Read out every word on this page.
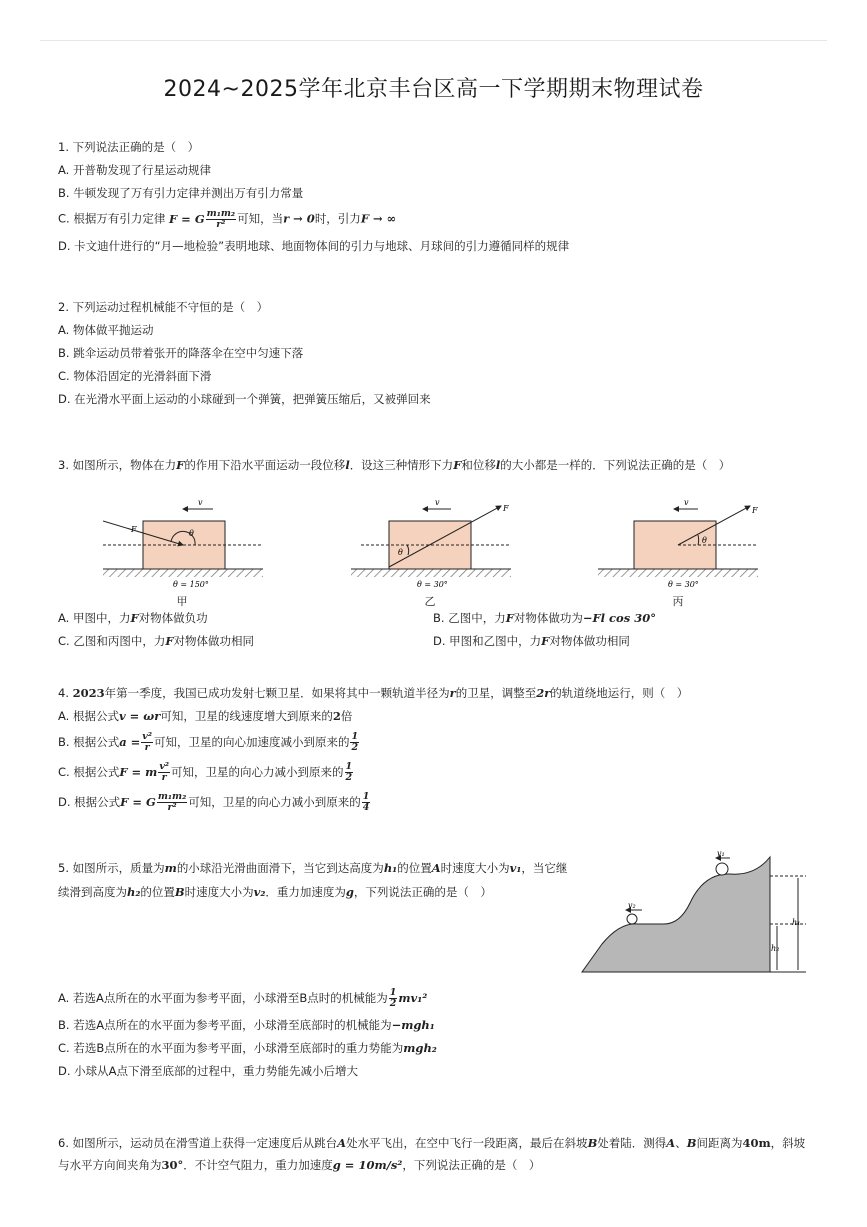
2024~2025学年北京丰台区高一下学期期末物理试卷

1. 下列说法正确的是（　）

A. 开普勒发现了行星运动规律

B. 牛顿发现了万有引力定律并测出万有引力常量

C. 根据万有引力定律 F = G $\frac{\text{m₁m₂}}{\text{r²}}$ 可知，当r → 0时，引力F → ∞

D. 卡文迪什进行的“月—地检验”表明地球、地面物体间的引力与地球、月球间的引力遵循同样的规律

2. 下列运动过程机械能不守恒的是（　）

A. 物体做平抛运动

B. 跳伞运动员带着张开的降落伞在空中匀速下落

C. 物体沿固定的光滑斜面下滑

D. 在光滑水平面上运动的小球碰到一个弹簧，把弹簧压缩后，又被弹回来

3. 如图所示，物体在力F的作用下沿水平面运动一段位移l．设这三种情形下力F和位移l的大小都是一样的．下列说法正确的是（　）

θ
v
F
θ = 150°
甲
θ
v
F
θ = 30°
乙
θ
v
F
θ = 30°
丙
A. 甲图中，力F对物体做负功	B. 乙图中，力F对物体做功为−Fl cos 30°
C. 乙图和丙图中，力F对物体做功相同	D. 甲图和乙图中，力F对物体做功相同

4. 2023年第一季度，我国已成功发射七颗卫星．如果将其中一颗轨道半径为r的卫星，调整至2r的轨道绕地运行，则（　）

A. 根据公式v = ωr可知，卫星的线速度增大到原来的2倍

B. 根据公式$a = \frac{\text{v²}}{r}$ 可知，卫星的向心加速度减小到原来的 $\frac{1}{2}$

C. 根据公式F = m $\frac{\text{v²}}{r}$ 可知，卫星的向心力减小到原来的 $\frac{1}{2}$

D. 根据公式F = G $\frac{\text{m₁m₂}}{\text{r²}}$ 可知，卫星的向心力减小到原来的 $\frac{1}{4}$

5. 如图所示，质量为m的小球沿光滑曲面滑下，当它到达高度为h₁的位置A时速度大小为v₁，当它继续滑到高度为h₂的位置B时速度大小为v₂．重力加速度为g，下列说法正确的是（　）

v₁
v₂
h₁
h₂

A. 若选A点所在的水平面为参考平面，小球滑至B点时的机械能为 $\frac{1}{2} mv_1^2$

B. 若选A点所在的水平面为参考平面，小球滑至底部时的机械能为−mgh₁

C. 若选B点所在的水平面为参考平面，小球滑至底部时的重力势能为mgh₂

D. 小球从A点下滑至底部的过程中，重力势能先减小后增大

6. 如图所示，运动员在滑雪道上获得一定速度后从跳台A处水平飞出，在空中飞行一段距离，最后在斜坡B处着陆．测得A、B间距离为40m，斜坡
与水平方向间夹角为30°．不计空气阻力，重力加速度g = 10m/s²，下列说法正确的是（　）
